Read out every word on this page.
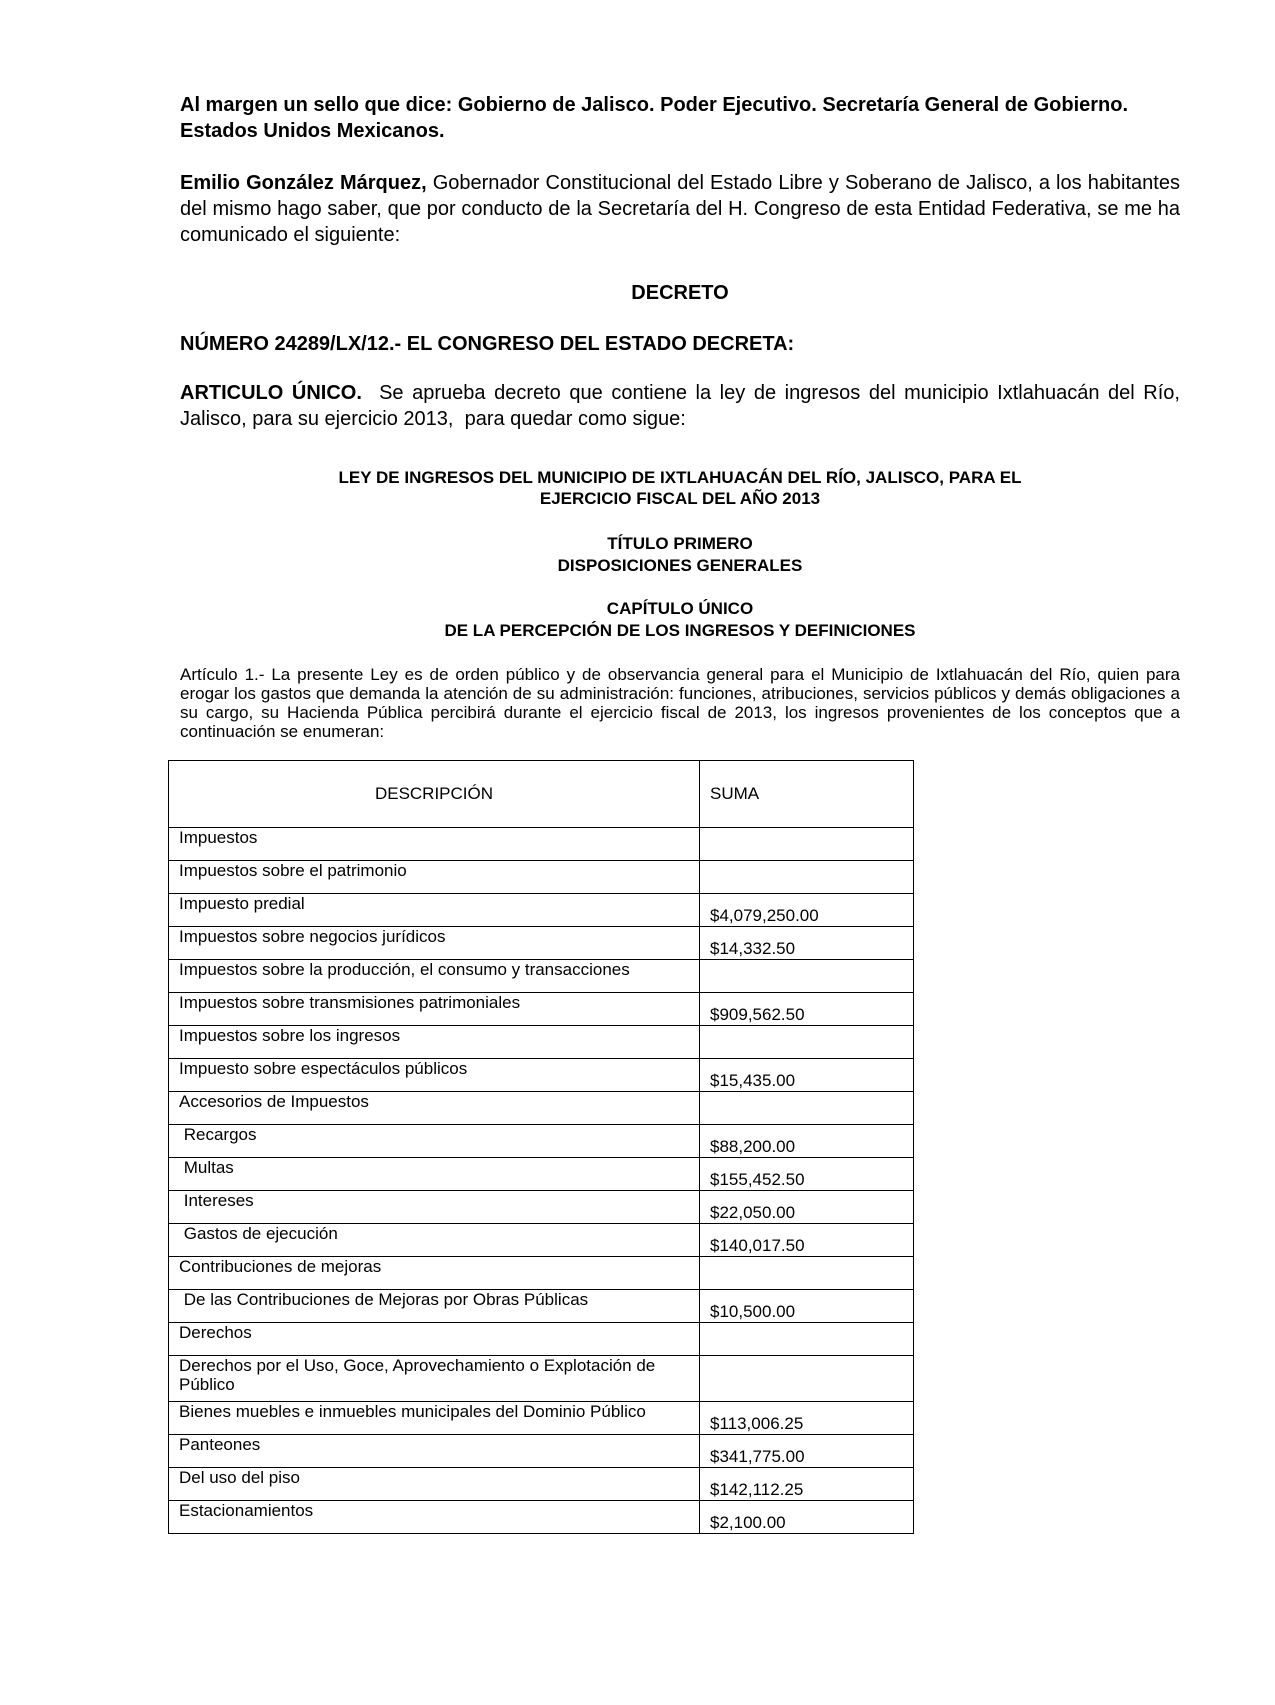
Al margen un sello que dice: Gobierno de Jalisco. Poder Ejecutivo. Secretaría General de Gobierno. Estados Unidos Mexicanos.
Emilio González Márquez, Gobernador Constitucional del Estado Libre y Soberano de Jalisco, a los habitantes del mismo hago saber, que por conducto de la Secretaría del H. Congreso de esta Entidad Federativa, se me ha comunicado el siguiente:
DECRETO
NÚMERO 24289/LX/12.- EL CONGRESO DEL ESTADO DECRETA:
ARTICULO ÚNICO.  Se aprueba decreto que contiene la ley de ingresos del municipio Ixtlahuacán del Río, Jalisco, para su ejercicio 2013,  para quedar como sigue:
LEY DE INGRESOS DEL MUNICIPIO DE IXTLAHUACÁN DEL RÍO, JALISCO, PARA EL
EJERCICIO FISCAL DEL AÑO 2013
TÍTULO PRIMERO
DISPOSICIONES GENERALES
CAPÍTULO ÚNICO
DE LA PERCEPCIÓN DE LOS INGRESOS Y DEFINICIONES
Artículo 1.- La presente Ley es de orden público y de observancia general para el Municipio de Ixtlahuacán del Río, quien para erogar los gastos que demanda la atención de su administración: funciones, atribuciones, servicios públicos y demás obligaciones a su cargo, su Hacienda Pública percibirá durante el ejercicio fiscal de 2013, los ingresos provenientes de los conceptos que a continuación se enumeran:
DESCRIPCIÓN	SUMA
Impuestos	
Impuestos sobre el patrimonio	
Impuesto predial	$4,079,250.00
Impuestos sobre negocios jurídicos	$14,332.50
Impuestos sobre la producción, el consumo y transacciones	
Impuestos sobre transmisiones patrimoniales	$909,562.50
Impuestos sobre los ingresos	
Impuesto sobre espectáculos públicos	$15,435.00
Accesorios de Impuestos	
Recargos	$88,200.00
Multas	$155,452.50
Intereses	$22,050.00
Gastos de ejecución	$140,017.50
Contribuciones de mejoras	
De las Contribuciones de Mejoras por Obras Públicas	$10,500.00
Derechos	
Derechos por el Uso, Goce, Aprovechamiento o Explotación de Público	
Bienes muebles e inmuebles municipales del Dominio Público	$113,006.25
Panteones	$341,775.00
Del uso del piso	$142,112.25
Estacionamientos	$2,100.00
